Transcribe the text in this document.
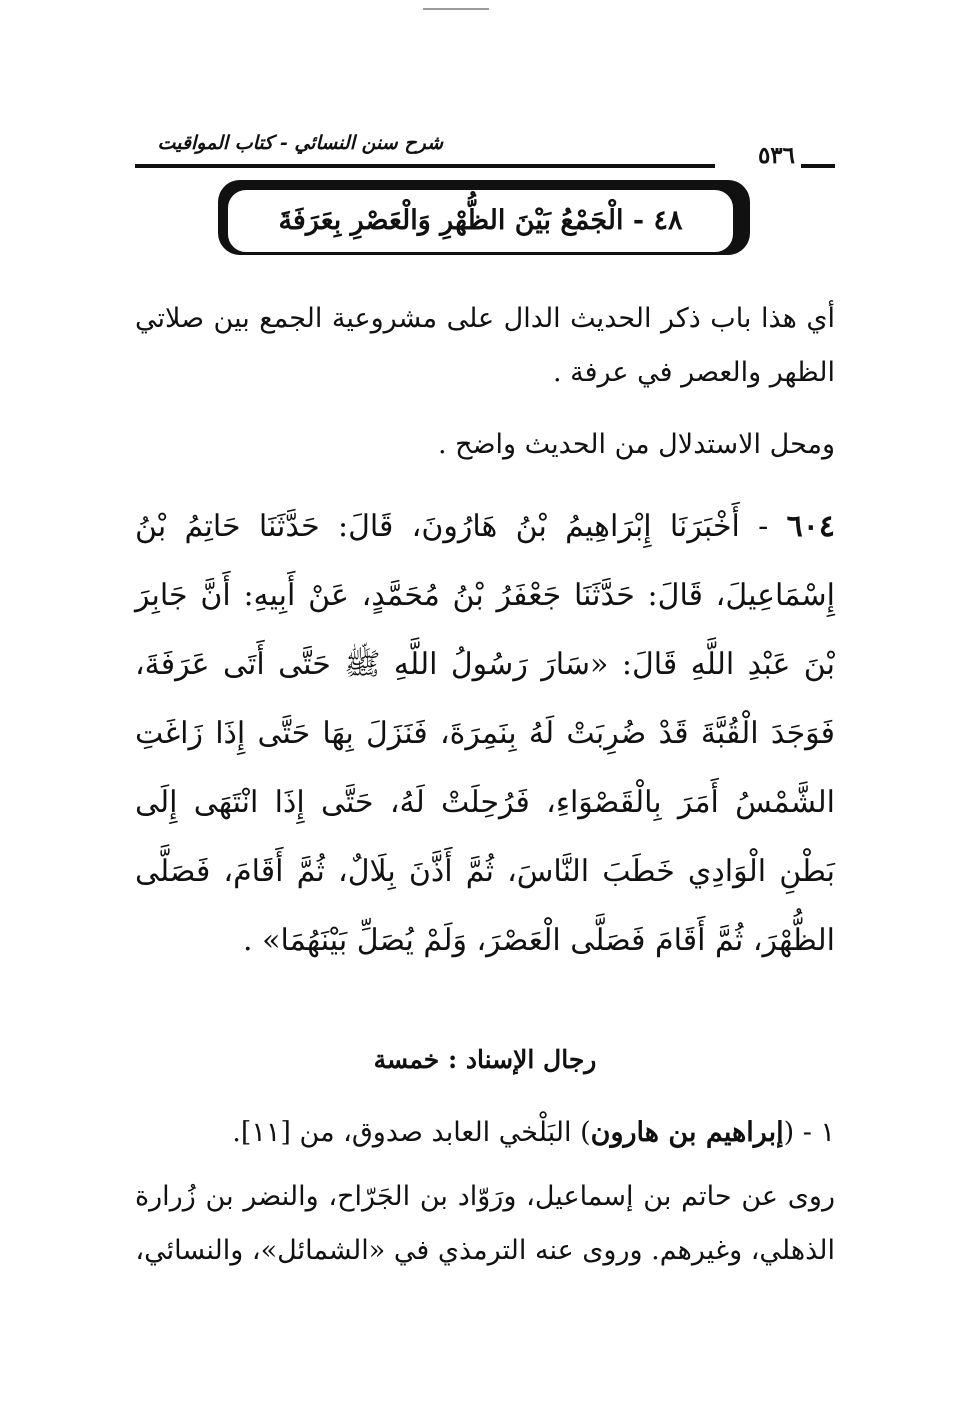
شرح سنن النسائي - كتاب المواقيت	٥٣٦
٤٨ - الْجَمْعُ بَيْنَ الظُّهْرِ وَالْعَصْرِ بِعَرَفَةَ
أي هذا باب ذكر الحديث الدال على مشروعية الجمع بين صلاتي الظهر والعصر في عرفة .
ومحل الاستدلال من الحديث واضح .
٦٠٤ - أَخْبَرَنَا إِبْرَاهِيمُ بْنُ هَارُونَ، قَالَ: حَدَّثَنَا حَاتِمُ بْنُ إِسْمَاعِيلَ، قَالَ: حَدَّثَنَا جَعْفَرُ بْنُ مُحَمَّدٍ، عَنْ أَبِيهِ: أَنَّ جَابِرَ بْنَ عَبْدِ اللَّهِ قَالَ: «سَارَ رَسُولُ اللَّهِ ﷺ حَتَّى أَتَى عَرَفَةَ، فَوَجَدَ الْقُبَّةَ قَدْ ضُرِبَتْ لَهُ بِنَمِرَةَ، فَنَزَلَ بِهَا حَتَّى إِذَا زَاغَتِ الشَّمْسُ أَمَرَ بِالْقَصْوَاءِ، فَرُحِلَتْ لَهُ، حَتَّى إِذَا انْتَهَى إِلَى بَطْنِ الْوَادِي خَطَبَ النَّاسَ، ثُمَّ أَذَّنَ بِلَالٌ، ثُمَّ أَقَامَ، فَصَلَّى الظُّهْرَ، ثُمَّ أَقَامَ فَصَلَّى الْعَصْرَ، وَلَمْ يُصَلِّ بَيْنَهُمَا» .
رجال الإسناد : خمسة
١ - (إبراهيم بن هارون) البَلْخي العابد صدوق، من [١١].
روى عن حاتم بن إسماعيل، ورَوّاد بن الجَرّاح، والنضر بن زُرارة الذهلي، وغيرهم. وروى عنه الترمذي في «الشمائل»، والنسائي،
